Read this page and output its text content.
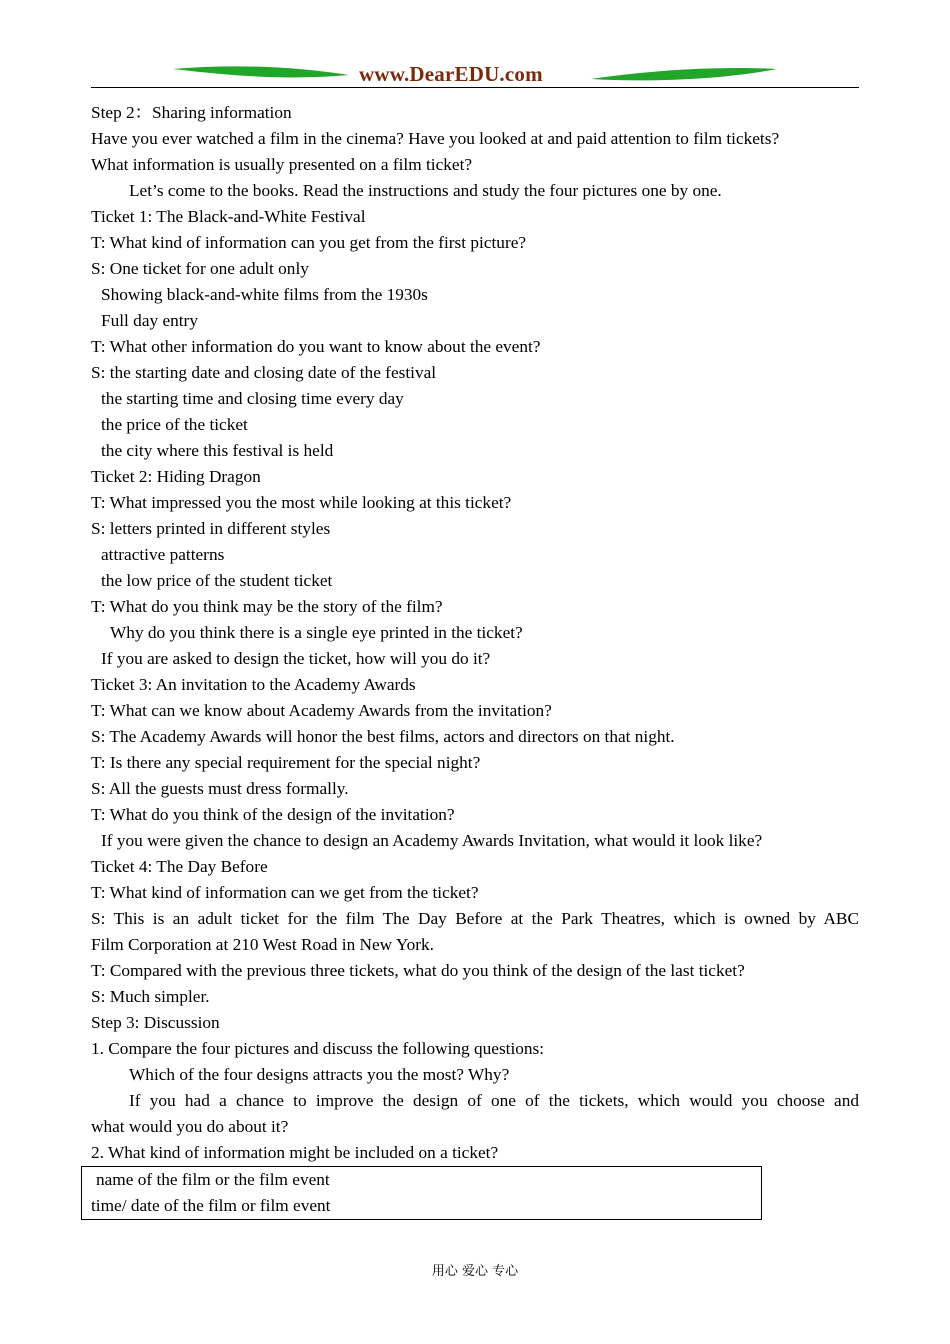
www.DearEDU.com
Step 2：Sharing information
Have you ever watched a film in the cinema? Have you looked at and paid attention to film tickets?
What information is usually presented on a film ticket?
Let’s come to the books. Read the instructions and study the four pictures one by one.
Ticket 1: The Black-and-White Festival
T: What kind of information can you get from the first picture?
S: One ticket for one adult only
Showing black-and-white films from the 1930s
Full day entry
T: What other information do you want to know about the event?
S: the starting date and closing date of the festival
the starting time and closing time every day
the price of the ticket
the city where this festival is held
Ticket 2: Hiding Dragon
T: What impressed you the most while looking at this ticket?
S: letters printed in different styles
attractive patterns
the low price of the student ticket
T: What do you think may be the story of the film?
Why do you think there is a single eye printed in the ticket?
If you are asked to design the ticket, how will you do it?
Ticket 3: An invitation to the Academy Awards
T: What can we know about Academy Awards from the invitation?
S: The Academy Awards will honor the best films, actors and directors on that night.
T: Is there any special requirement for the special night?
S: All the guests must dress formally.
T: What do you think of the design of the invitation?
If you were given the chance to design an Academy Awards Invitation, what would it look like?
Ticket 4: The Day Before
T: What kind of information can we get from the ticket?
S: This is an adult ticket for the film The Day Before at the Park Theatres, which is owned by ABC
Film Corporation at 210 West Road in New York.
T: Compared with the previous three tickets, what do you think of the design of the last ticket?
S: Much simpler.
Step 3: Discussion
1. Compare the four pictures and discuss the following questions:
Which of the four designs attracts you the most? Why?
If you had a chance to improve the design of one of the tickets, which would you choose and
what would you do about it?
2. What kind of information might be included on a ticket?
name of the film or the film event
time/ date of the film or film event
用心 爱心 专心
